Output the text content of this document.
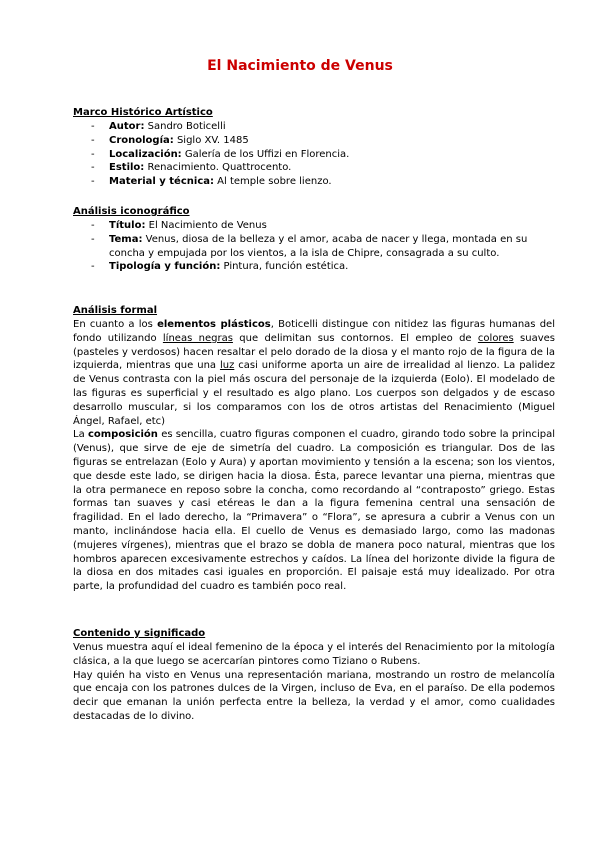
El Nacimiento de Venus
Marco Histórico Artístico
- Autor: Sandro Boticelli
- Cronología: Siglo XV. 1485
- Localización: Galería de los Uffizi en Florencia.
- Estilo: Renacimiento. Quattrocento.
- Material y técnica: Al temple sobre lienzo.
Análisis iconográfico
- Título: El Nacimiento de Venus
- Tema: Venus, diosa de la belleza y el amor, acaba de nacer y llega, montada en su concha y empujada por los vientos, a la isla de Chipre, consagrada a su culto.
- Tipología y función: Pintura, función estética.
Análisis formal

En cuanto a los elementos plásticos, Boticelli distingue con nitidez las figuras humanas del fondo utilizando líneas negras que delimitan sus contornos. El empleo de colores suaves (pasteles y verdosos) hacen resaltar el pelo dorado de la diosa y el manto rojo de la figura de la izquierda, mientras que una luz casi uniforme aporta un aire de irrealidad al lienzo. La palidez de Venus contrasta con la piel más oscura del personaje de la izquierda (Eolo). El modelado de las figuras es superficial y el resultado es algo plano. Los cuerpos son delgados y de escaso desarrollo muscular, si los comparamos con los de otros artistas del Renacimiento (Miguel Ángel, Rafael, etc)

La composición es sencilla, cuatro figuras componen el cuadro, girando todo sobre la principal (Venus), que sirve de eje de simetría del cuadro. La composición es triangular. Dos de las figuras se entrelazan (Eolo y Aura) y aportan movimiento y tensión a la escena; son los vientos, que desde este lado, se dirigen hacia la diosa. Ésta, parece levantar una pierna, mientras que la otra permanece en reposo sobre la concha, como recordando al “contraposto” griego. Estas formas tan suaves y casi etéreas le dan a la figura femenina central una sensación de fragilidad. En el lado derecho, la “Primavera” o “Flora”, se apresura a cubrir a Venus con un manto, inclinándose hacia ella. El cuello de Venus es demasiado largo, como las madonas (mujeres vírgenes), mientras que el brazo se dobla de manera poco natural, mientras que los hombros aparecen excesivamente estrechos y caídos. La línea del horizonte divide la figura de la diosa en dos mitades casi iguales en proporción. El paisaje está muy idealizado. Por otra parte, la profundidad del cuadro es también poco real.

Contenido y significado

Venus muestra aquí el ideal femenino de la época y el interés del Renacimiento por la mitología clásica, a la que luego se acercarían pintores como Tiziano o Rubens.

Hay quién ha visto en Venus una representación mariana, mostrando un rostro de melancolía que encaja con los patrones dulces de la Virgen, incluso de Eva, en el paraíso. De ella podemos decir que emanan la unión perfecta entre la belleza, la verdad y el amor, como cualidades destacadas de lo divino.
